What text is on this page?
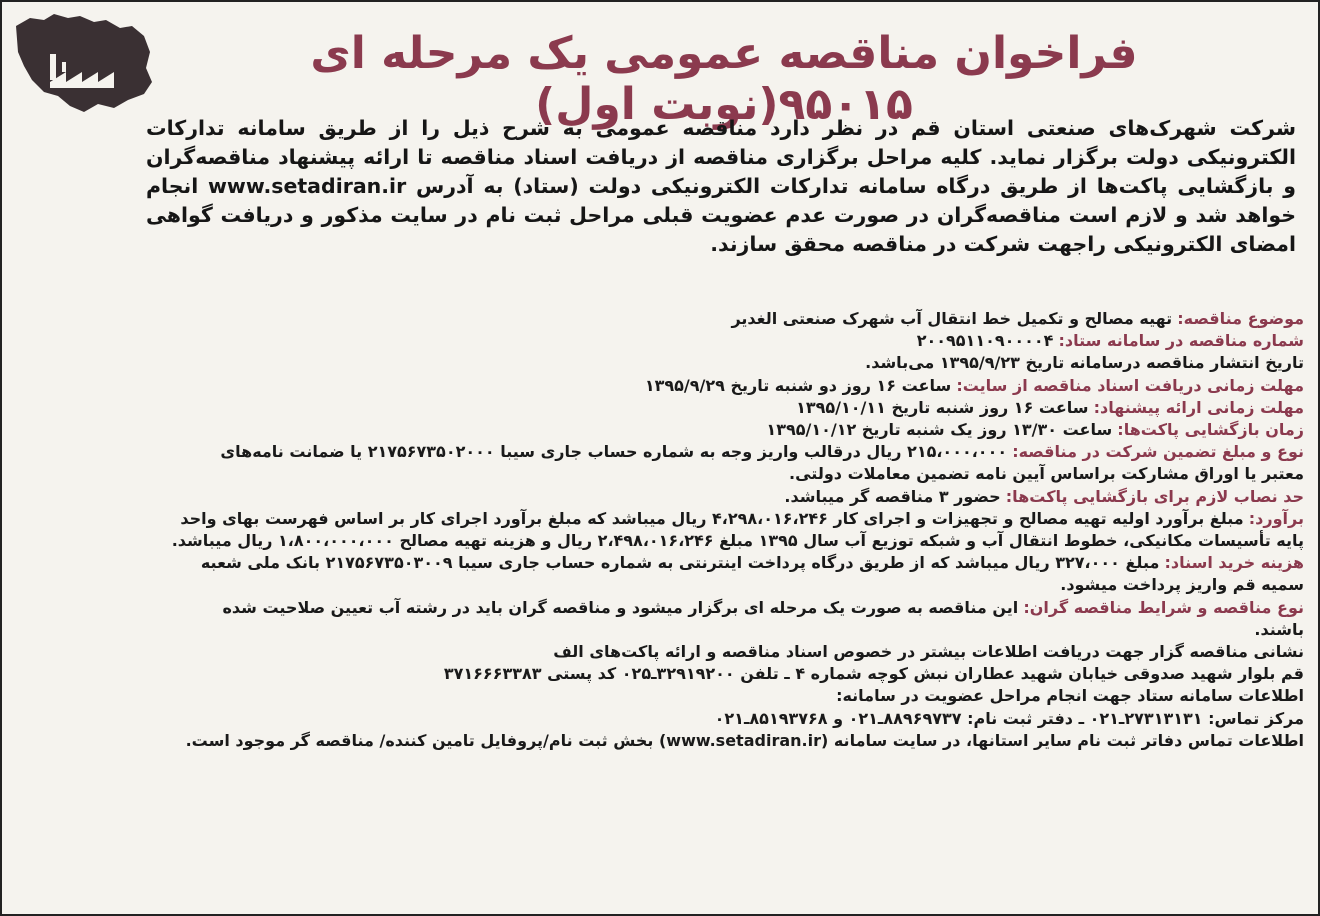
فراخوان مناقصه عمومی یک مرحله ای ۹۵۰۱۵(نوبت اول)
شرکت شهرک‌های صنعتی استان قم در نظر دارد مناقصه عمومی به شرح ذیل را از طریق سامانه تدارکات الکترونیکی دولت برگزار نماید. کلیه مراحل برگزاری مناقصه از دریافت اسناد مناقصه تا ارائه پیشنهاد مناقصه‌گران و بازگشایی پاکت‌ها از طریق درگاه سامانه تدارکات الکترونیکی دولت (ستاد) به آدرس www.setadiran.ir انجام خواهد شد و لازم است مناقصه‌گران در صورت عدم عضویت قبلی مراحل ثبت نام در سایت مذکور و دریافت گواهی امضای الکترونیکی راجهت شرکت در مناقصه محقق سازند.
موضوع مناقصه: تهیه مصالح و تکمیل خط انتقال آب شهرک صنعتی الغدیر
شماره مناقصه در سامانه ستاد: ۲۰۰۹۵۱۱۰۹۰۰۰۰۴
تاریخ انتشار مناقصه درسامانه تاریخ ۱۳۹۵/۹/۲۳ می‌باشد.
مهلت زمانی دریافت اسناد مناقصه از سایت: ساعت ۱۶ روز دو شنبه تاریخ ۱۳۹۵/۹/۲۹
مهلت زمانی ارائه پیشنهاد: ساعت ۱۶ روز شنبه تاریخ ۱۳۹۵/۱۰/۱۱
زمان بازگشایی پاکت‌ها: ساعت ۱۳/۳۰ روز یک شنبه تاریخ ۱۳۹۵/۱۰/۱۲
نوع و مبلغ تضمین شرکت در مناقصه: ۲۱۵،۰۰۰،۰۰۰ ریال درقالب واریز وجه به شماره حساب جاری سیبا ۲۱۷۵۶۷۳۵۰۲۰۰۰ یا ضمانت نامه‌های
معتبر یا اوراق مشارکت براساس آیین نامه تضمین معاملات دولتی.
حد نصاب لازم برای بازگشایی پاکت‌ها: حضور ۳ مناقصه گر میباشد.
برآورد: مبلغ برآورد اولیه تهیه مصالح و تجهیزات و اجرای کار ۴،۲۹۸،۰۱۶،۲۴۶ ریال میباشد که مبلغ برآورد اجرای کار بر اساس فهرست بهای واحد
پایه تأسیسات مکانیکی، خطوط انتقال آب و شبکه توزیع آب سال ۱۳۹۵ مبلغ ۲،۴۹۸،۰۱۶،۲۴۶ ریال و هزینه تهیه مصالح ۱،۸۰۰،۰۰۰،۰۰۰ ریال میباشد.
هزینه خرید اسناد: مبلغ ۳۲۷،۰۰۰ ریال میباشد که از طریق درگاه پرداخت اینترنتی به شماره حساب جاری سیبا ۲۱۷۵۶۷۳۵۰۳۰۰۹ بانک ملی شعبه
سمیه قم واریز پرداخت میشود.
نوع مناقصه و شرایط مناقصه گران: این مناقصه به صورت یک مرحله ای برگزار میشود و مناقصه گران باید در رشته آب تعیین صلاحیت شده
باشند.
نشانی مناقصه گزار جهت دریافت اطلاعات بیشتر در خصوص اسناد مناقصه و ارائه پاکت‌های الف
قم بلوار شهید صدوقی خیابان شهید عطاران نبش کوچه شماره ۴ ـ تلفن ۳۲۹۱۹۲۰۰ـ۰۲۵ کد پستی ۳۷۱۶۶۶۳۳۸۳
اطلاعات سامانه ستاد جهت انجام مراحل عضویت در سامانه:
مرکز تماس: ۲۷۳۱۳۱۳۱ـ۰۲۱ ـ دفتر ثبت نام: ۸۸۹۶۹۷۳۷ـ۰۲۱ و ۸۵۱۹۳۷۶۸ـ۰۲۱
اطلاعات تماس دفاتر ثبت نام سایر استانها، در سایت سامانه (www.setadiran.ir) بخش ثبت نام/پروفایل تامین کننده/ مناقصه گر موجود است.
